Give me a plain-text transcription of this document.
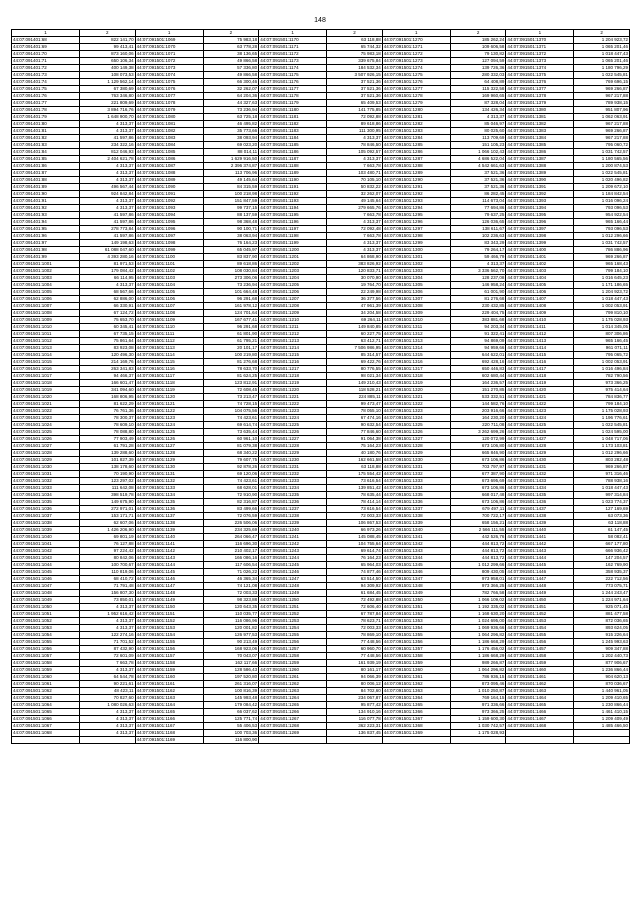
148
1	2	1	2	1	2	1	2	1	2
44:07:091401:68	822 141,70	44:07:091501:1069	75 983,18	44:07:091501:1170	63 118,88	44:07:091501:1270	185 262,24	44:07:091501:1370	1 204 923,72
44:07:091401:69	99 413,41	44:07:091501:1070	63 778,28	44:07:091501:1171	65 744,32	44:07:091501:1271	109 606,58	44:07:091501:1371	1 065 201,46
44:07:091401:70	873 160,06	44:07:091501:1071	38 136,65	44:07:091501:1172	75 983,18	44:07:091501:1272	79 130,82	44:07:091501:1372	1 018 447,43
44:07:091401:71	650 106,34	44:07:091501:1072	49 866,58	44:07:091501:1173	339 675,84	44:07:091501:1273	127 094,59	44:07:091501:1373	1 065 201,46
44:07:091401:72	400 149,38	44:07:091501:1073	57 336,80	44:07:091501:1174	184 532,34	44:07:091501:1274	139 726,36	44:07:091501:1374	1 180 796,29
44:07:091401:73	108 073,53	44:07:091501:1074	49 866,58	44:07:091501:1175	3 507 926,15	44:07:091501:1275	280 332,03	44:07:091501:1375	1 022 545,81
44:07:091401:74	1 129 562,14	44:07:091501:1075	66 300,46	44:07:091501:1176	37 521,36	44:07:091501:1276	64 408,89	44:07:091501:1376	769 696,15
44:07:091401:75	67 380,69	44:07:091501:1076	32 262,07	44:07:091501:1177	37 521,36	44:07:091501:1277	115 322,58	44:07:091501:1377	969 266,87
44:07:091401:76	763 346,80	44:07:091501:1077	64 204,36	44:07:091501:1178	37 521,36	44:07:091501:1278	169 960,65	44:07:091501:1378	967 217,88
44:07:091401:77	221 809,69	44:07:091501:1078	44 327,63	44:07:091501:1179	65 409,53	44:07:091501:1279	87 328,04	44:07:091501:1379	789 938,15
44:07:091401:78	3 894 716,76	44:07:091501:1079	73 236,94	44:07:091501:1180	141 775,85	44:07:091501:1280	134 426,34	44:07:091501:1380	951 807,96
44:07:091401:79	1 648 900,70	44:07:091501:1080	63 725,18	44:07:091501:1181	72 092,88	44:07:091501:1281	4 313,37	44:07:091501:1381	1 062 063,91
44:07:091401:80	4 313,37	44:07:091501:1081	46 495,82	44:07:091501:1182	89 618,86	44:07:091501:1282	85 046,97	44:07:091501:1382	967 217,88
44:07:091401:81	4 313,37	44:07:091501:1082	35 773,66	44:07:091501:1183	111 300,95	44:07:091501:1283	80 025,60	44:07:091501:1383	969 266,87
44:07:091401:82	41 597,86	44:07:091501:1083	38 093,94	44:07:091501:1184	4 313,37	44:07:091501:1284	113 709,69	44:07:091501:1384	967 217,88
44:07:091401:83	234 322,16	44:07:091501:1084	69 023,20	44:07:091501:1185	78 846,50	44:07:091501:1285	151 105,23	44:07:091501:1385	795 060,72
44:07:091401:84	812 046,93	44:07:091501:1085	88 014,11	44:07:091501:1186	105 092,57	44:07:091501:1286	1 066 102,43	44:07:091501:1386	1 031 742,57
44:07:091401:85	2 404 621,78	44:07:091501:1086	1 629 916,50	44:07:091501:1187	4 313,37	44:07:091501:1287	4 686 522,04	44:07:091501:1387	1 180 565,56
44:07:091401:86	4 313,37	44:07:091501:1087	2 396 374,87	44:07:091501:1188	7 663,78	44:07:091501:1288	4 542 661,63	44:07:091501:1388	1 200 874,53
44:07:091401:87	4 313,37	44:07:091501:1088	113 706,96	44:07:091501:1189	103 480,71	44:07:091501:1289	37 521,36	44:07:091501:1389	1 022 545,81
44:07:091401:88	4 313,37	44:07:091501:1089	49 145,64	44:07:091501:1190	70 105,10	44:07:091501:1290	37 521,36	44:07:091501:1390	1 020 496,82
44:07:091401:89	496 567,44	44:07:091501:1090	84 315,59	44:07:091501:1191	50 832,22	44:07:091501:1291	37 521,36	44:07:091501:1391	1 209 672,10
44:07:091401:90	924 842,84	44:07:091501:1091	100 218,98	44:07:091501:1192	32 262,07	44:07:091501:1292	86 282,45	44:07:091501:1392	1 184 842,54
44:07:091401:91	4 313,37	44:07:091501:1092	151 847,59	44:07:091501:1193	49 145,64	44:07:091501:1293	114 673,04	44:07:091501:1393	1 016 096,24
44:07:091401:92	4 313,37	44:07:091501:1093	99 737,15	44:07:091501:1194	279 665,76	44:07:091501:1294	77 694,86	44:07:091501:1394	793 096,53
44:07:091401:93	41 597,86	44:07:091501:1094	88 137,59	44:07:091501:1195	7 663,78	44:07:091501:1295	79 637,25	44:07:091501:1395	954 922,54
44:07:091401:94	41 597,86	44:07:091501:1095	98 368,48	44:07:091501:1196	4 313,37	44:07:091501:1296	126 036,65	44:07:091501:1396	965 166,44
44:07:091401:95	278 773,84	44:07:091501:1096	90 100,71	44:07:091501:1197	72 092,48	44:07:091501:1297	138 611,67	44:07:091501:1397	793 096,53
44:07:091401:96	41 597,86	44:07:091501:1097	38 063,94	44:07:091501:1198	7 663,78	44:07:091501:1298	102 236,63	44:07:091501:1398	1 012 296,66
44:07:091401:97	149 198,63	44:07:091501:1098	76 164,23	44:07:091501:1199	4 313,37	44:07:091501:1299	83 343,29	44:07:091501:1399	1 031 742,57
44:07:091401:98	61 088 047,60	44:07:091501:1099	65 045,97	44:07:091501:1200	4 313,37	44:07:091501:1300	79 264,17	44:07:091501:1400	786 886,96
44:07:091401:99	4 393 280,16	44:07:091501:1100	83 837,90	44:07:091501:1201	64 868,90	44:07:091501:1301	59 466,79	44:07:091501:1401	969 266,87
44:07:091501:1001	81 971,53	44:07:091501:1101	89 618,86	44:07:091501:1202	383 826,92	44:07:091501:1302	4 313,37	44:07:091501:1402	965 168,43
44:07:091501:1002	179 084,42	44:07:091501:1102	108 030,84	44:07:091501:1203	120 833,71	44:07:091501:1303	3 336 562,70	44:07:091501:1403	799 184,10
44:07:091501:1003	66 114,95	44:07:091501:1103	273 306,06	44:07:091501:1204	30 070,90	44:07:091501:1304	128 237,08	44:07:091501:1404	1 016 645,23
44:07:091501:1004	4 313,37	44:07:091501:1104	73 236,94	44:07:091501:1205	19 764,70	44:07:091501:1305	146 958,24	44:07:091501:1405	1 171 186,65
44:07:091501:1005	68 567,66	44:07:091501:1105	101 664,48	44:07:091501:1206	22 249,98	44:07:091501:1306	61 001,90	44:07:091501:1406	1 204 923,72
44:07:091501:1006	62 886,00	44:07:091501:1106	96 291,68	44:07:091501:1207	36 377,56	44:07:091501:1307	81 276,68	44:07:091501:1407	1 018 447,43
44:07:091501:1007	66 330,91	44:07:091501:1107	161 978,12	44:07:091501:1208	47 961,39	44:07:091501:1308	230 432,85	44:07:091501:1408	1 002 053,91
44:07:091501:1008	67 124,72	44:07:091501:1108	124 701,64	44:07:091501:1209	34 204,58	44:07:091501:1309	229 404,75	44:07:091501:1409	799 810,10
44:07:091501:1009	75 653,70	44:07:091501:1109	167 677,41	44:07:091501:1210	69 264,11	44:07:091501:1310	383 881,68	44:07:091501:1410	1 175 028,93
44:07:091501:1010	60 345,41	44:07:091501:1110	96 291,68	44:07:091501:1211	149 840,85	44:07:091501:1311	94 203,34	44:07:091501:1411	1 014 345,05
44:07:091501:1011	67 735,15	44:07:091501:1111	61 801,90	44:07:091501:1212	60 227,75	44:07:091501:1312	91 322,41	44:07:091501:1412	807 306,86
44:07:091501:1012	75 861,64	44:07:091501:1112	61 795,21	44:07:091501:1213	63 412,71	44:07:091501:1313	94 869,09	44:07:091501:1413	965 166,45
44:07:091501:1013	83 923,08	44:07:091501:1113	20 101,17	44:07:091501:1214	7 506 986,95	44:07:091501:1314	94 959,66	44:07:091501:1414	961 071,11
44:07:091501:1014	120 496,30	44:07:091501:1114	100 219,80	44:07:091501:1215	85 314,57	44:07:091501:1315	644 622,01	44:07:091501:1415	795 065,72
44:07:091501:1015	214 169,76	44:07:091501:1115	81 276,68	44:07:091501:1216	69 422,76	44:07:091501:1316	692 428,16	44:07:091501:1416	1 002 053,91
44:07:091501:1016	263 341,83	44:07:091501:1116	78 633,70	44:07:091501:1217	80 776,55	44:07:091501:1317	650 446,83	44:07:091501:1417	1 016 496,84
44:07:091501:1017	94 466,37	44:07:091501:1117	81 624,25	44:07:091501:1218	98 021,34	44:07:091501:1318	602 680,44	44:07:091501:1418	782 790,56
44:07:091501:1018	166 601,47	44:07:091501:1118	123 812,91	44:07:091501:1219	149 210,43	44:07:091501:1319	164 236,57	44:07:091501:1419	973 366,25
44:07:091501:1019	341 094,60	44:07:091501:1119	72 608,45	44:07:091501:1220	118 528,21	44:07:091501:1320	151 270,85	44:07:091501:1420	975 414,64
44:07:091501:1020	168 806,95	44:07:091501:1120	73 213,47	44:07:091501:1221	224 885,11	44:07:091501:1321	533 332,51	44:07:091501:1421	784 836,77
44:07:091501:1021	81 622,29	44:07:091501:1121	74 728,15	44:07:091501:1222	99 473,47	44:07:091501:1322	144 582,76	44:07:091501:1422	799 184,10
44:07:091501:1022	76 761,36	44:07:091501:1122	104 075,56	44:07:091501:1223	78 055,10	44:07:091501:1323	203 916,66	44:07:091501:1423	1 175 028,93
44:07:091501:1023	78 300,37	44:07:091501:1123	74 423,61	44:07:091501:1224	67 474,16	44:07:091501:1324	164 230,20	44:07:091501:1424	1 196 776,61
44:07:091501:1024	78 609,10	44:07:091501:1124	69 614,74	44:07:091501:1225	90 632,54	44:07:091501:1325	220 711,08	44:07:091501:1425	1 022 545,81
44:07:091501:1025	78 088,80	44:07:091501:1125	73 635,44	44:07:091501:1226	77 846,60	44:07:091501:1326	3 262 699,26	44:07:091501:1426	1 024 595,00
44:07:091501:1026	77 903,49	44:07:091501:1126	60 961,10	44:07:091501:1227	91 064,38	44:07:091501:1327	120 072,99	44:07:091501:1427	1 048 717,06
44:07:091501:1027	61 791,28	44:07:091501:1127	81 079,38	44:07:091501:1228	75 164,23	44:07:091501:1328	673 106,80	44:07:091501:1428	1 173 103,81
44:07:091501:1028	139 288,60	44:07:091501:1128	68 340,22	44:07:091501:1229	40 180,76	44:07:091501:1329	665 846,90	44:07:091501:1429	1 012 296,66
44:07:091501:1029	101 827,39	44:07:091501:1129	79 607,75	44:07:091501:1230	162 661,58	44:07:091501:1330	673 106,86	44:07:091501:1430	803 282,48
44:07:091501:1030	138 178,60	44:07:091501:1130	92 878,26	44:07:091501:1231	63 118,88	44:07:091501:1331	703 797,97	44:07:091501:1431	969 266,87
44:07:091501:1031	70 190,90	44:07:091501:1131	69 120,06	44:07:091501:1232	175 554,42	44:07:091501:1332	677 387,90	44:07:091501:1432	971 316,46
44:07:091501:1032	123 297,02	44:07:091501:1132	74 423,61	44:07:091501:1233	73 616,54	44:07:091501:1333	673 695,69	44:07:091501:1433	788 938,16
44:07:091501:1033	111 642,08	44:07:091501:1133	68 628,01	44:07:091501:1234	139 851,42	44:07:091501:1334	673 106,86	44:07:091501:1434	1 018 447,43
44:07:091501:1034	398 519,78	44:07:091501:1134	72 910,90	44:07:091501:1235	78 635,44	44:07:091501:1335	668 017,48	44:07:091501:1435	997 314,84
44:07:091501:1035	149 675,90	44:07:091501:1135	82 316,87	44:07:091501:1236	78 414,14	44:07:091501:1336	673 106,86	44:07:091501:1436	1 023 774,37
44:07:091501:1036	272 971,01	44:07:091501:1136	83 499,66	44:07:091501:1237	73 616,54	44:07:091501:1337	679 497,11	44:07:091501:1437	127 169,69
44:07:091501:1037	153 171,71	44:07:091501:1137	72 076,59	44:07:091501:1238	72 003,33	44:07:091501:1338	700 722,17	44:07:091501:1438	63 073,36
44:07:091501:1038	62 607,06	44:07:091501:1138	226 506,06	44:07:091501:1239	106 867,53	44:07:091501:1339	658 156,21	44:07:091501:1439	63 118,88
44:07:091501:1039	1 426 206,90	44:07:091501:1139	234 325,69	44:07:091501:1240	66 973,26	44:07:091501:1340	2 566 111,55	44:07:091501:1440	61 147,45
44:07:091501:1040	69 801,19	44:07:091501:1140	264 066,47	44:07:091501:1241	145 088,45	44:07:091501:1341	442 526,76	44:07:091501:1441	58 082,41
44:07:091501:1041	76 127,88	44:07:091501:1141	116 696,30	44:07:091501:1242	104 755,64	44:07:091501:1342	444 813,72	44:07:091501:1442	667 177,80
44:07:091501:1042	97 224,42	44:07:091501:1142	210 402,17	44:07:091501:1243	69 614,74	44:07:091501:1343	444 813,72	44:07:091501:1443	666 936,42
44:07:091501:1043	80 842,06	44:07:091501:1143	166 086,16	44:07:091501:1244	76 164,23	44:07:091501:1344	444 813,72	44:07:091501:1444	147 204,57
44:07:091501:1044	100 700,67	44:07:091501:1144	117 606,54	44:07:091501:1245	65 964,03	44:07:091501:1345	1 012 299,66	44:07:091501:1445	162 769,90
44:07:091501:1045	110 819,06	44:07:091501:1145	71 026,22	44:07:091501:1246	74 877,46	44:07:091501:1346	809 430,05	44:07:091501:1446	358 935,37
44:07:091501:1046	68 410,72	44:07:091501:1146	46 365,34	44:07:091501:1247	63 514,50	44:07:091501:1347	973 958,01	44:07:091501:1447	222 712,56
44:07:091501:1047	71 791,48	44:07:091501:1147	74 121,08	44:07:091501:1248	94 309,92	44:07:091501:1348	973 366,25	44:07:091501:1448	773 075,71
44:07:091501:1048	156 807,30	44:07:091501:1148	72 003,33	44:07:091501:1249	61 684,45	44:07:091501:1349	782 766,58	44:07:091501:1449	1 244 243,47
44:07:091501:1049	73 850,01	44:07:091501:1149	98 323,88	44:07:091501:1250	72 492,88	44:07:091501:1350	1 066 109,02	44:07:091501:1450	1 224 971,64
44:07:091501:1050	4 313,37	44:07:091501:1150	120 643,35	44:07:091501:1251	72 606,40	44:07:091501:1351	1 192 335,02	44:07:091501:1451	925 071,45
44:07:091501:1051	1 952 616,42	44:07:091501:1151	110 035,77	44:07:091501:1252	67 787,84	44:07:091501:1352	1 168 630,20	44:07:091501:1452	881 477,58
44:07:091501:1052	4 313,37	44:07:091501:1152	116 086,96	44:07:091501:1253	78 623,71	44:07:091501:1353	1 024 695,00	44:07:091501:1453	872 036,65
44:07:091501:1053	4 313,37	44:07:091501:1153	120 001,82	44:07:091501:1254	72 003,33	44:07:091501:1354	1 069 936,66	44:07:091501:1454	893 624,05
44:07:091501:1054	122 274,16	44:07:091501:1154	126 977,53	44:07:091501:1255	78 869,10	44:07:091501:1355	1 064 296,82	44:07:091501:1455	915 226,64
44:07:091501:1055	71 701,52	44:07:091501:1155	90 213,49	44:07:091501:1256	77 448,56	44:07:091501:1356	1 186 668,29	44:07:091501:1456	1 245 993,63
44:07:091501:1056	87 432,90	44:07:091501:1156	168 923,06	44:07:091501:1257	60 960,70	44:07:091501:1357	1 176 456,02	44:07:091501:1457	909 347,88
44:07:091501:1057	72 601,09	44:07:091501:1157	70 043,07	44:07:091501:1258	77 448,56	44:07:091501:1358	1 186 668,29	44:07:091501:1458	1 202 440,73
44:07:091501:1058	7 663,78	44:07:091501:1158	162 117,66	44:07:091501:1259	161 939,19	44:07:091501:1359	989 266,87	44:07:091501:1459	877 906,67
44:07:091501:1059	4 313,37	44:07:091501:1159	128 586,43	44:07:091501:1260	80 161,17	44:07:091501:1360	1 064 296,82	44:07:091501:1460	1 236 866,44
44:07:091501:1060	64 544,78	44:07:091501:1160	197 520,80	44:07:091501:1261	94 066,39	44:07:091501:1361	786 936,15	44:07:091501:1461	904 620,13
44:07:091501:1061	90 221,61	44:07:091501:1161	261 316,07	44:07:091501:1262	80 006,12	44:07:091501:1362	873 095,46	44:07:091501:1462	870 036,67
44:07:091501:1062	48 423,11	44:07:091501:1162	100 816,39	44:07:091501:1263	84 702,60	44:07:091501:1363	1 010 250,87	44:07:091501:1463	1 440 961,05
44:07:091501:1063	70 827,60	44:07:091501:1163	145 993,48	44:07:091501:1264	234 067,87	44:07:091501:1364	769 164,15	44:07:091501:1464	1 209 410,65
44:07:091501:1064	1 080 026,63	44:07:091501:1164	179 084,42	44:07:091501:1265	95 877,42	44:07:091501:1365	971 336,66	44:07:091501:1465	1 230 866,44
44:07:091501:1065	4 313,37	44:07:091501:1165	66 037,62	44:07:091501:1266	134 910,16	44:07:091501:1366	973 366,25	44:07:091501:1466	1 461 410,15
44:07:091501:1066	4 313,37	44:07:091501:1166	125 771,74	44:07:091501:1267	116 077,78	44:07:091501:1367	1 159 600,30	44:07:091501:1467	1 209 409,49
44:07:091501:1067	4 313,37	44:07:091501:1167	55 406,53	44:07:091501:1268	362 223,31	44:07:091501:1368	1 030 742,57	44:07:091501:1468	1 485 466,50
44:07:091501:1068	4 313,37	44:07:091501:1168	100 703,36	44:07:091501:1269	136 837,45	44:07:091501:1369	1 175 028,93		
		44:07:091501:1169	116 800,90						
